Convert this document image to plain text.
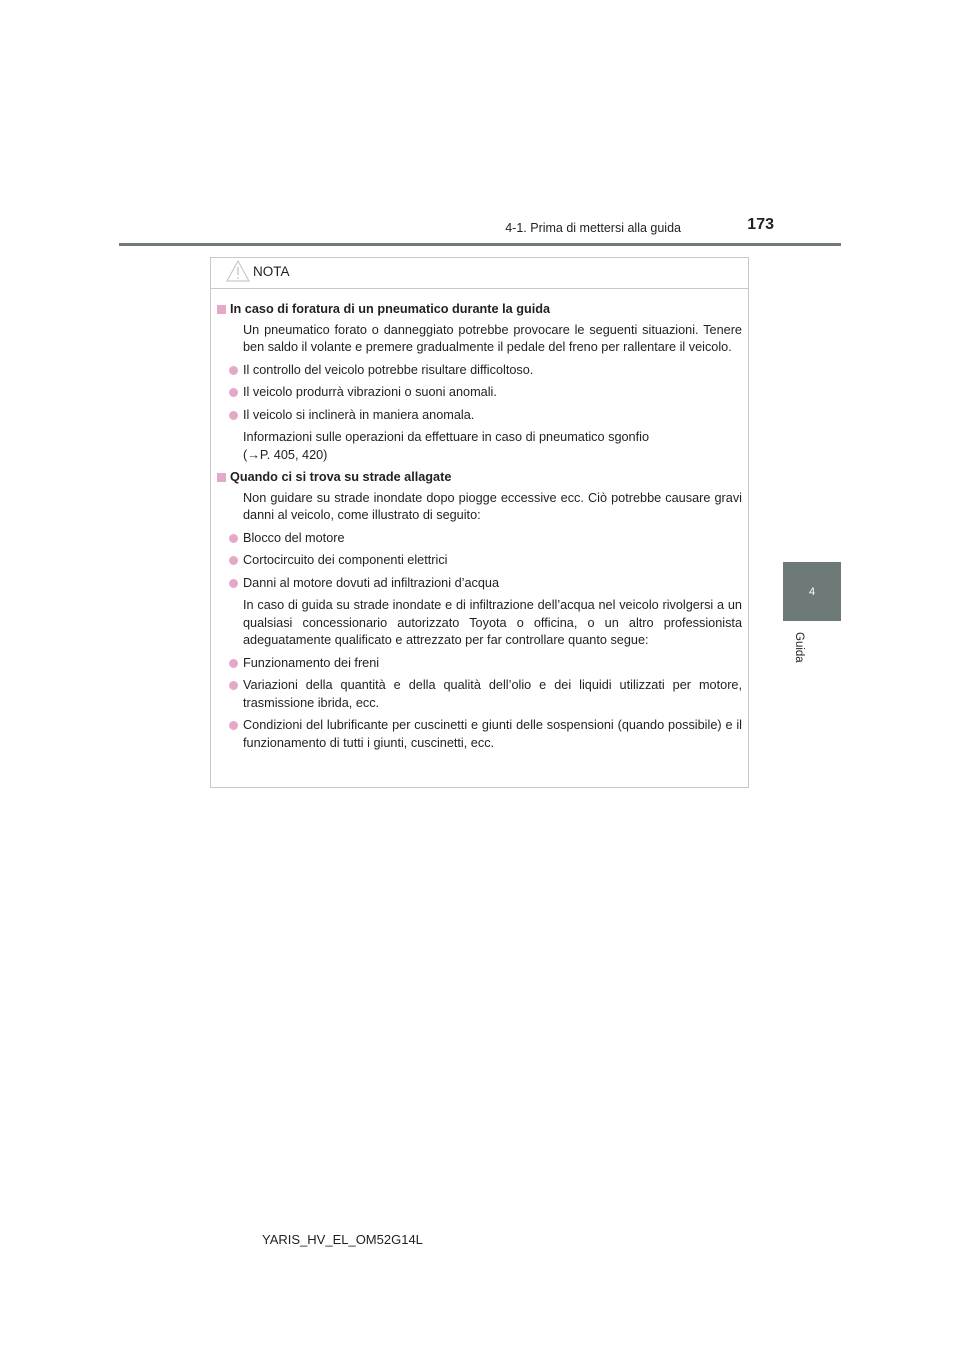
4-1. Prima di mettersi alla guida	173
4
Guida
NOTA
In caso di foratura di un pneumatico durante la guida
Un pneumatico forato o danneggiato potrebbe provocare le seguenti situazioni. Tenere ben saldo il volante e premere gradualmente il pedale del freno per rallentare il veicolo.
Il controllo del veicolo potrebbe risultare difficoltoso.
Il veicolo produrrà vibrazioni o suoni anomali.
Il veicolo si inclinerà in maniera anomala.
Informazioni sulle operazioni da effettuare in caso di pneumatico sgonfio
(→P. 405, 420)
Quando ci si trova su strade allagate
Non guidare su strade inondate dopo piogge eccessive ecc. Ciò potrebbe causare gravi danni al veicolo, come illustrato di seguito:
Blocco del motore
Cortocircuito dei componenti elettrici
Danni al motore dovuti ad infiltrazioni d’acqua
In caso di guida su strade inondate e di infiltrazione dell’acqua nel veicolo rivolgersi a un qualsiasi concessionario autorizzato Toyota o officina, o un altro professionista adeguatamente qualificato e attrezzato per far controllare quanto segue:
Funzionamento dei freni
Variazioni della quantità e della qualità dell’olio e dei liquidi utilizzati per motore, trasmissione ibrida, ecc.
Condizioni del lubrificante per cuscinetti e giunti delle sospensioni (quando possibile) e il funzionamento di tutti i giunti, cuscinetti, ecc.
YARIS_HV_EL_OM52G14L
